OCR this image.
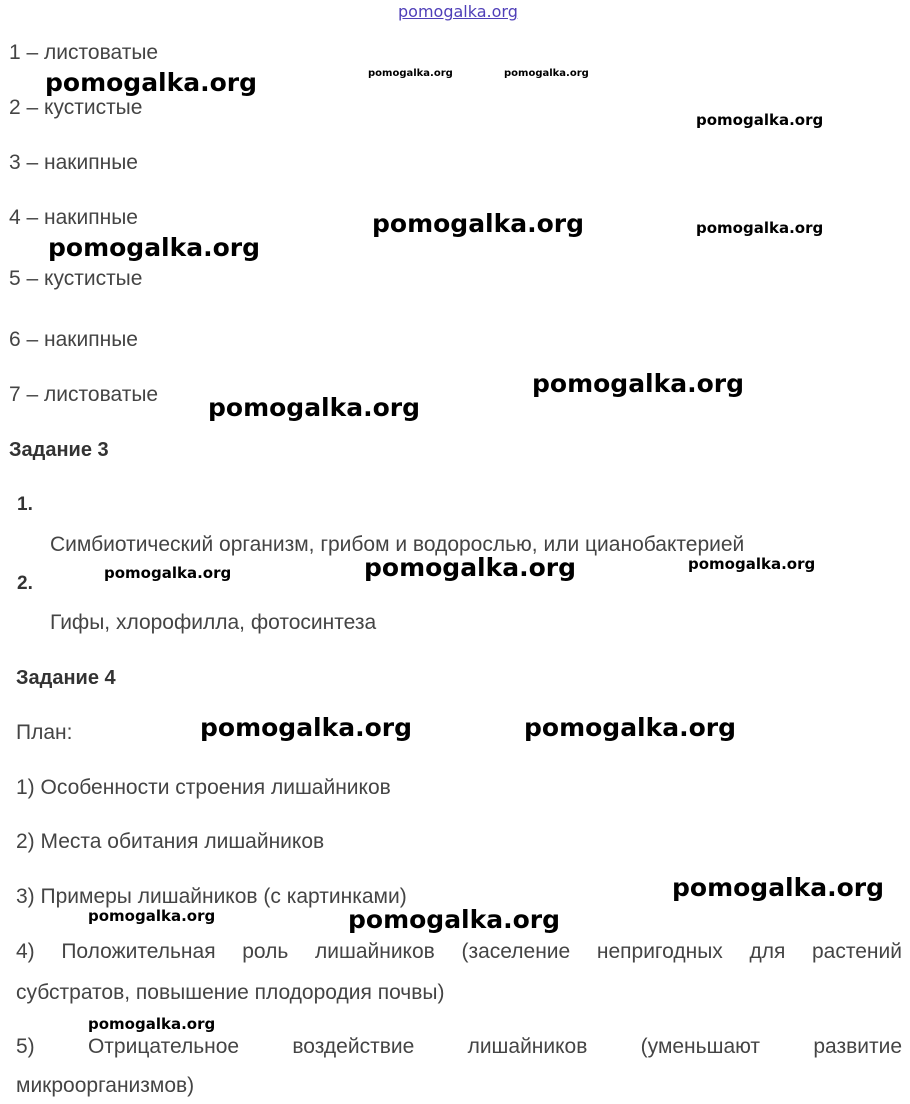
pomogalka.org
1 – листоватые
2 – кустистые
3 – накипные
4 – накипные
5 – кустистые
6 – накипные
7 – листоватые
Задание 3
1.
Симбиотический организм, грибом и водорослью, или цианобактерией
2.
Гифы, хлорофилла, фотосинтеза
Задание 4
План:
1) Особенности строения лишайников
2) Места обитания лишайников
3) Примеры лишайников (с картинками)
4) Положительная роль лишайников (заселение непригодных для растений
субстратов, повышение плодородия почвы)
5) Отрицательное воздействие лишайников (уменьшают развитие
микроорганизмов)
pomogalka.org	pomogalka.org	pomogalka.org
pomogalka.org
pomogalka.org	pomogalka.org
pomogalka.org
pomogalka.org
pomogalka.org
pomogalka.org	pomogalka.org	pomogalka.org
pomogalka.org	pomogalka.org
pomogalka.org
pomogalka.org	pomogalka.org
pomogalka.org
